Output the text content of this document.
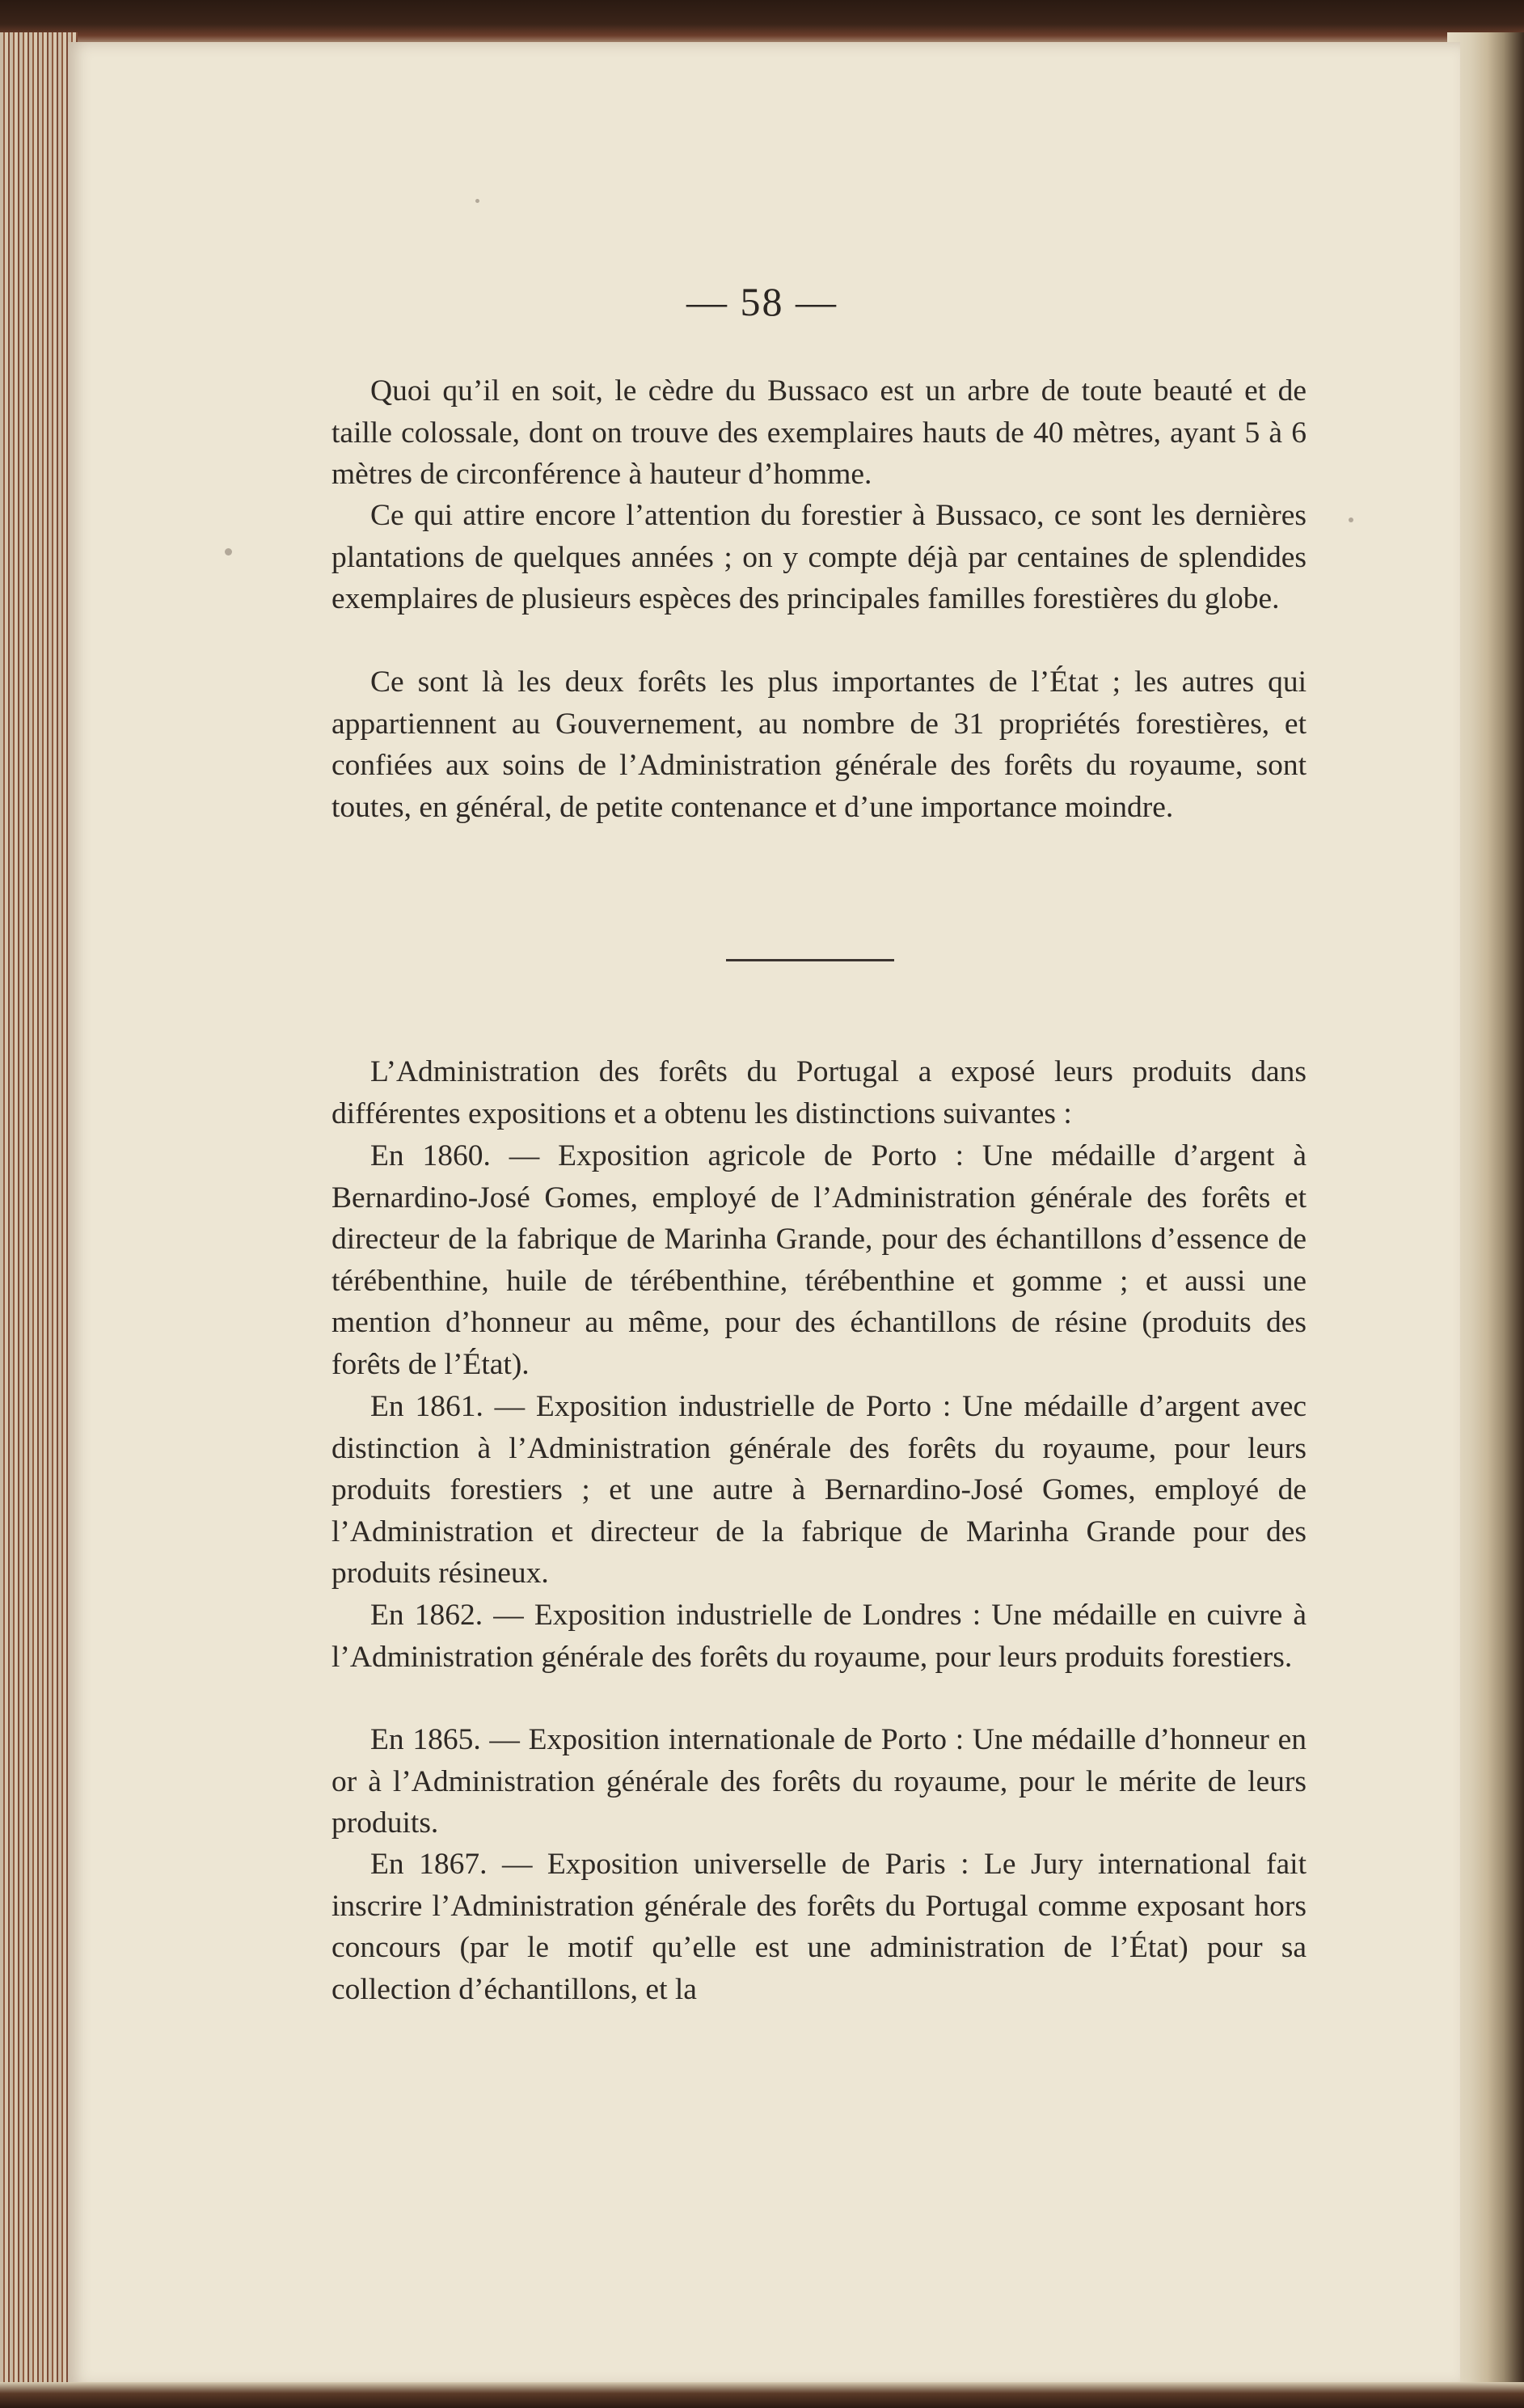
— 58 —

Quoi qu’il en soit, le cèdre du Bussaco est un arbre de toute beauté et de taille colossale, dont on trouve des exemplaires hauts de 40 mètres, ayant 5 à 6 mètres de circonférence à hauteur d’homme.

Ce qui attire encore l’attention du forestier à Bussaco, ce sont les dernières plantations de quelques années ; on y compte déjà par centaines de splendides exemplaires de plusieurs espèces des principales familles forestières du globe.

Ce sont là les deux forêts les plus importantes de l’État ; les autres qui appartiennent au Gouvernement, au nombre de 31 propriétés forestières, et confiées aux soins de l’Administration générale des forêts du royaume, sont toutes, en général, de petite contenance et d’une importance moindre.

L’Administration des forêts du Portugal a exposé leurs produits dans différentes expositions et a obtenu les distinctions suivantes :

En 1860. — Exposition agricole de Porto : Une médaille d’argent à Bernardino-José Gomes, employé de l’Administration générale des forêts et directeur de la fabrique de Marinha Grande, pour des échantillons d’essence de térébenthine, huile de térébenthine, térébenthine et gomme ; et aussi une mention d’honneur au même, pour des échantillons de résine (produits des forêts de l’État).

En 1861. — Exposition industrielle de Porto : Une médaille d’argent avec distinction à l’Administration générale des forêts du royaume, pour leurs produits forestiers ; et une autre à Bernardino-José Gomes, employé de l’Administration et directeur de la fabrique de Marinha Grande pour des produits résineux.

En 1862. — Exposition industrielle de Londres : Une médaille en cuivre à l’Administration générale des forêts du royaume, pour leurs produits forestiers.

En 1865. — Exposition internationale de Porto : Une médaille d’honneur en or à l’Administration générale des forêts du royaume, pour le mérite de leurs produits.

En 1867. — Exposition universelle de Paris : Le Jury international fait inscrire l’Administration générale des forêts du Portugal comme exposant hors concours (par le motif qu’elle est une administration de l’État) pour sa collection d’échantillons, et la
